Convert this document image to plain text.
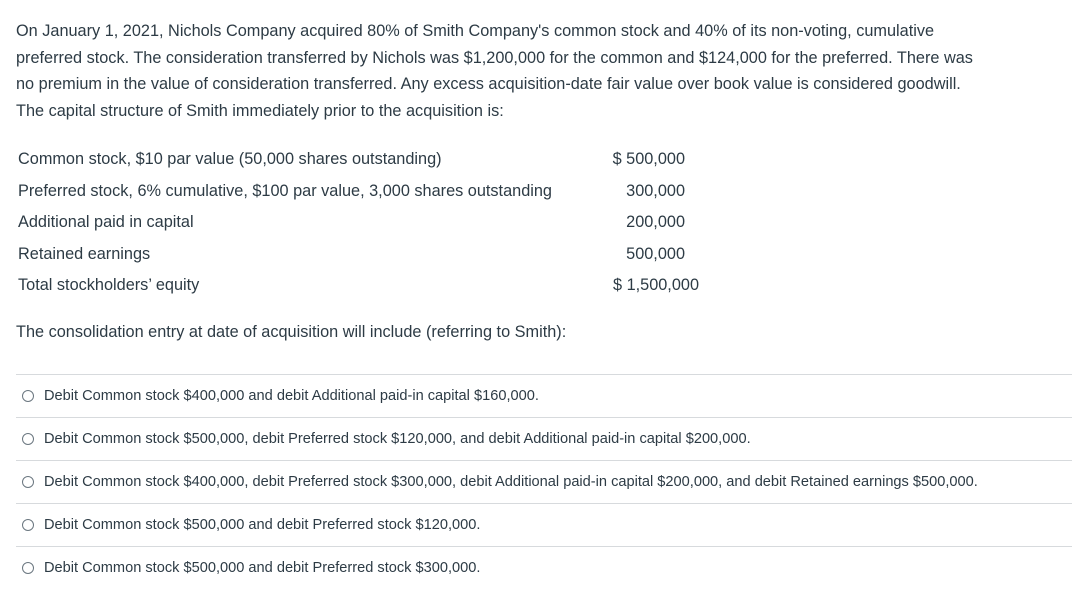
On January 1, 2021, Nichols Company acquired 80% of Smith Company's common stock and 40% of its non-voting, cumulative
preferred stock. The consideration transferred by Nichols was $1,200,000 for the common and $124,000 for the preferred. There was
no premium in the value of consideration transferred. Any excess acquisition-date fair value over book value is considered goodwill.
The capital structure of Smith immediately prior to the acquisition is:

Common stock, $10 par value (50,000 shares outstanding)	$ 500,000
Preferred stock, 6% cumulative, $100 par value, 3,000 shares outstanding	300,000
Additional paid in capital	200,000
Retained earnings	500,000
Total stockholders’ equity	$ 1,500,000

The consolidation entry at date of acquisition will include (referring to Smith):

Debit Common stock $400,000 and debit Additional paid-in capital $160,000.
Debit Common stock $500,000, debit Preferred stock $120,000, and debit Additional paid-in capital $200,000.
Debit Common stock $400,000, debit Preferred stock $300,000, debit Additional paid-in capital $200,000, and debit Retained earnings $500,000.
Debit Common stock $500,000 and debit Preferred stock $120,000.
Debit Common stock $500,000 and debit Preferred stock $300,000.
